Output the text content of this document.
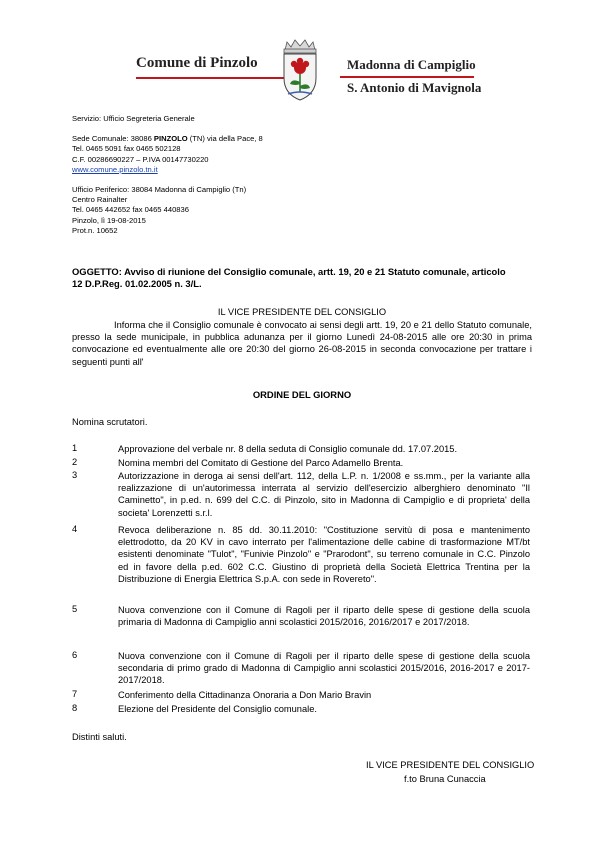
Comune di Pinzolo	Madonna di Campiglio
S. Antonio di Mavignola
Servizio: Ufficio Segreteria Generale
Sede Comunale: 38086 PINZOLO (TN) via della Pace, 8
Tel. 0465 5091 fax 0465 502128
C.F. 00286690227 – P.IVA 00147730220
www.comune.pinzolo.tn.it
Ufficio Periferico: 38084 Madonna di Campiglio (Tn)
Centro Rainalter
Tel. 0465 442652 fax 0465 440836
Pinzolo, lì 19-08-2015
Prot.n. 10652
OGGETTO: Avviso di riunione del Consiglio comunale, artt. 19, 20 e 21 Statuto comunale, articolo
12 D.P.Reg. 01.02.2005 n. 3/L.
IL VICE PRESIDENTE DEL CONSIGLIO
Informa che il Consiglio comunale è convocato ai sensi degli artt. 19, 20 e 21 dello Statuto comunale, presso la sede municipale, in pubblica adunanza per il giorno Lunedì 24-08-2015 alle ore 20:30 in prima convocazione ed eventualmente alle ore 20:30 del giorno 26-08-2015 in seconda convocazione per trattare i seguenti punti all'
ORDINE DEL GIORNO
Nomina scrutatori.
1	Approvazione del verbale nr. 8 della seduta di Consiglio comunale dd. 17.07.2015.
2	Nomina membri del Comitato di Gestione del Parco Adamello Brenta.
3	Autorizzazione in deroga ai sensi dell'art. 112, della L.P. n. 1/2008 e ss.mm., per la variante alla realizzazione di un'autorimessa interrata al servizio dell'esercizio alberghiero denominato "Il Caminetto", in p.ed. n. 699 del C.C. di Pinzolo, sito in Madonna di Campiglio e di proprieta' della societa' Lorenzetti s.r.l.
4	Revoca deliberazione n. 85 dd. 30.11.2010: "Costituzione servitù di posa e mantenimento elettrodotto, da 20 KV in cavo interrato per l'alimentazione delle cabine di trasformazione MT/bt esistenti denominate "Tulot", "Funivie Pinzolo" e "Prarodont", su terreno comunale in C.C. Pinzolo ed in favore della p.ed. 602 C.C. Giustino di proprietà della Società Elettrica Trentina per la Distribuzione di Energia Elettrica S.p.A. con sede in Rovereto".
5	Nuova convenzione con il Comune di Ragoli per il riparto delle spese di gestione della scuola primaria di Madonna di Campiglio anni scolastici 2015/2016, 2016/2017 e 2017/2018.
6	Nuova convenzione con il Comune di Ragoli per il riparto delle spese di gestione della scuola secondaria di primo grado di Madonna di Campiglio anni scolastici 2015/2016, 2016-2017 e 2017-2017/2018.
7	Conferimento della Cittadinanza Onoraria a Don Mario Bravin
8	Elezione del Presidente del Consiglio comunale.
Distinti saluti.
IL VICE PRESIDENTE DEL CONSIGLIO
f.to Bruna Cunaccia
